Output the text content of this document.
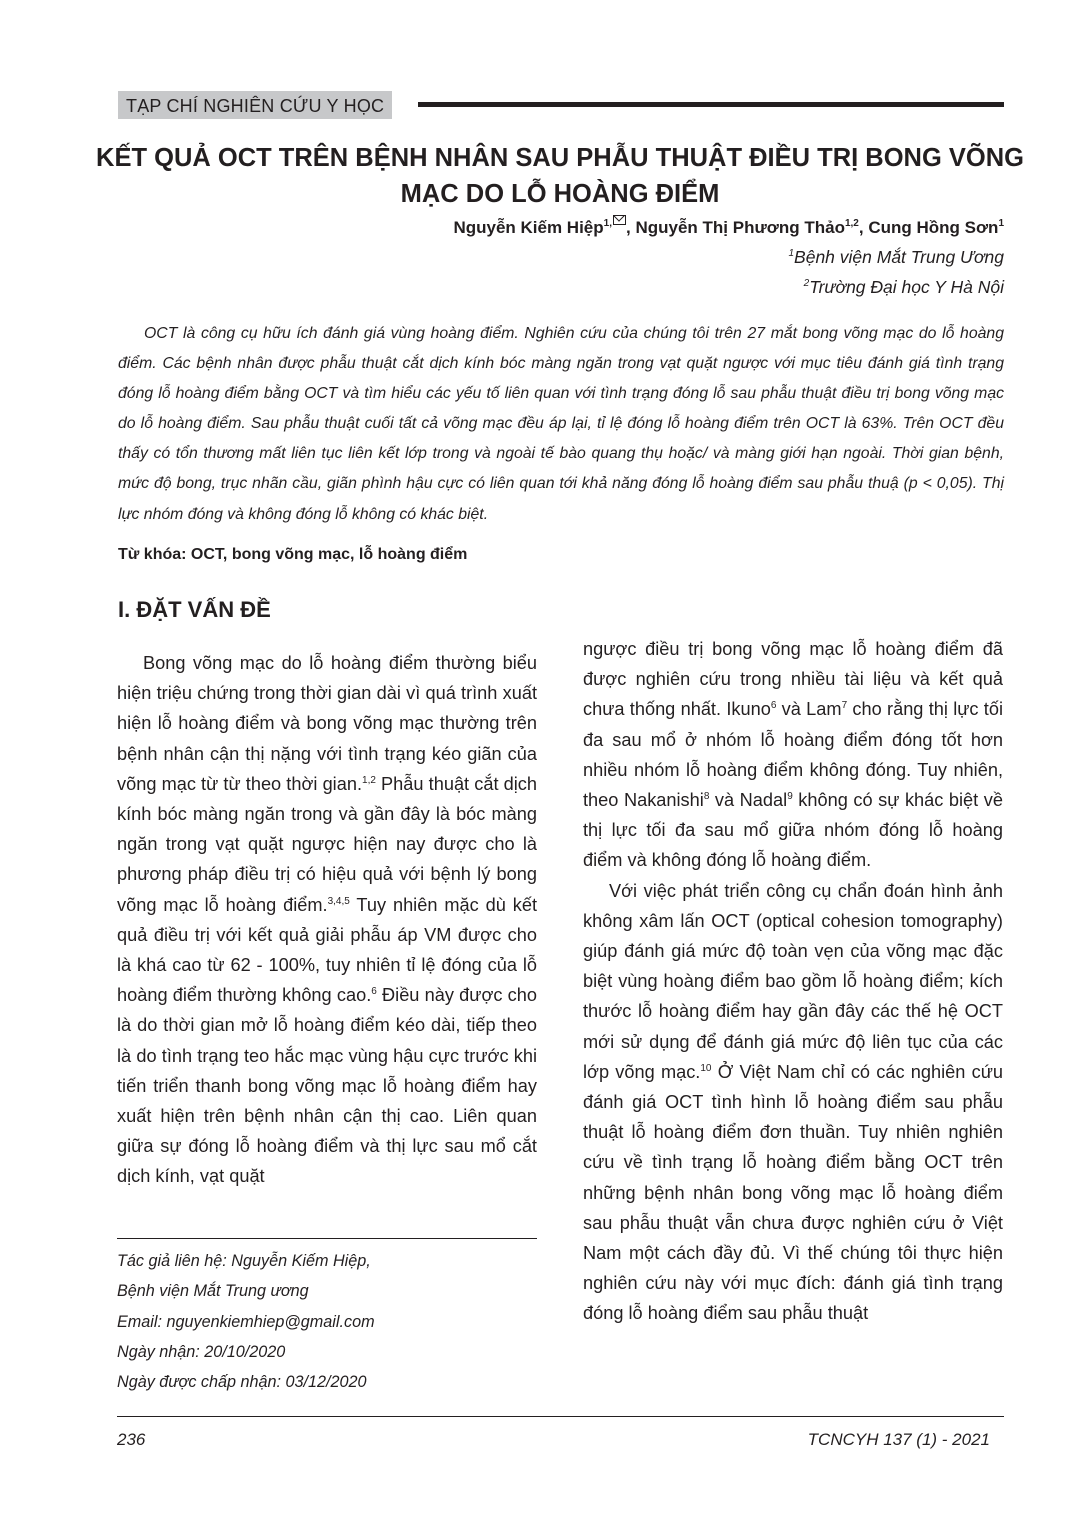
TẠP CHÍ NGHIÊN CỨU Y HỌC
KẾT QUẢ OCT TRÊN BỆNH NHÂN SAU PHẪU THUẬT ĐIỀU TRỊ BONG VÕNG MẠC DO LỖ HOÀNG ĐIỂM
Nguyễn Kiếm Hiệp$^{1,}$ , Nguyễn Thị Phương Thảo$^{1,2}$, Cung Hồng Sơn$^1$
$^1$Bệnh viện Mắt Trung Ương
$^2$Trường Đại học Y Hà Nội

OCT là công cụ hữu ích đánh giá vùng hoàng điểm. Nghiên cứu của chúng tôi trên 27 mắt bong võng mạc do lỗ hoàng điểm. Các bệnh nhân được phẫu thuật cắt dịch kính bóc màng ngăn trong vạt quặt ngược với mục tiêu đánh giá tình trạng đóng lỗ hoàng điểm bằng OCT và tìm hiểu các yếu tố liên quan với tình trạng đóng lỗ sau phẫu thuật điều trị bong võng mạc do lỗ hoàng điểm. Sau phẫu thuật cuối tất cả võng mạc đều áp lại, tỉ lệ đóng lỗ hoàng điểm trên OCT là 63%. Trên OCT đều thấy có tổn thương mất liên tục liên kết lớp trong và ngoài tế bào quang thụ hoặc/ và màng giới hạn ngoài. Thời gian bệnh, mức độ bong, trục nhãn cầu, giãn phình hậu cực có liên quan tới khả năng đóng lỗ hoàng điểm sau phẫu thuậ (p < 0,05). Thị lực nhóm đóng và không đóng lỗ không có khác biệt.

Từ khóa: OCT, bong võng mạc, lỗ hoàng điểm
I. ĐẶT VẤN ĐỀ

Bong võng mạc do lỗ hoàng điểm thường biểu hiện triệu chứng trong thời gian dài vì quá trình xuất hiện lỗ hoàng điểm và bong võng mạc thường trên bệnh nhân cận thị nặng với tình trạng kéo giãn của võng mạc từ từ theo thời gian.$^{1,2}$ Phẫu thuật cắt dịch kính bóc màng ngăn trong và gần đây là bóc màng ngăn trong vạt quặt ngược hiện nay được cho là phương pháp điều trị có hiệu quả với bệnh lý bong võng mạc lỗ hoàng điểm.$^{3,4,5}$ Tuy nhiên mặc dù kết quả điều trị với kết quả giải phẫu áp VM được cho là khá cao từ 62 - 100%, tuy nhiên tỉ lệ đóng của lỗ hoàng điểm thường không cao.$^6$ Điều này được cho là do thời gian mở lỗ hoàng điểm kéo dài, tiếp theo là do tình trạng teo hắc mạc vùng hậu cực trước khi tiến triển thanh bong võng mạc lỗ hoàng điểm hay xuất hiện trên bệnh nhân cận thị cao. Liên quan giữa sự đóng lỗ hoàng điểm và thị lực sau mổ cắt dịch kính, vạt quặt

Tác giả liên hệ: Nguyễn Kiếm Hiệp,
Bệnh viện Mắt Trung ương
Email: nguyenkiemhiep@gmail.com
Ngày nhận: 20/10/2020
Ngày được chấp nhận: 03/12/2020

ngược điều trị bong võng mạc lỗ hoàng điểm đã được nghiên cứu trong nhiều tài liệu và kết quả chưa thống nhất. Ikuno$^6$ và Lam$^7$ cho rằng thị lực tối đa sau mổ ở nhóm lỗ hoàng điểm đóng tốt hơn nhiều nhóm lỗ hoàng điểm không đóng. Tuy nhiên, theo Nakanishi$^8$ và Nadal$^9$ không có sự khác biệt về thị lực tối đa sau mổ giữa nhóm đóng lỗ hoàng điểm và không đóng lỗ hoàng điểm.

Với việc phát triển công cụ chẩn đoán hình ảnh không xâm lấn OCT (optical cohesion tomography) giúp đánh giá mức độ toàn vẹn của võng mạc đặc biệt vùng hoàng điểm bao gồm lỗ hoàng điểm; kích thước lỗ hoàng điểm hay gần đây các thế hệ OCT mới sử dụng để đánh giá mức độ liên tục của các lớp võng mạc.$^{10}$ Ở Việt Nam chỉ có các nghiên cứu đánh giá OCT tình hình lỗ hoàng điểm sau phẫu thuật lỗ hoàng điểm đơn thuần. Tuy nhiên nghiên cứu về tình trạng lỗ hoàng điểm bằng OCT trên những bệnh nhân bong võng mạc lỗ hoàng điểm sau phẫu thuật vẫn chưa được nghiên cứu ở Việt Nam một cách đầy đủ. Vì thế chúng tôi thực hiện nghiên cứu này với mục đích: đánh giá tình trạng đóng lỗ hoàng điểm sau phẫu thuật

236	TCNCYH 137 (1) - 2021
